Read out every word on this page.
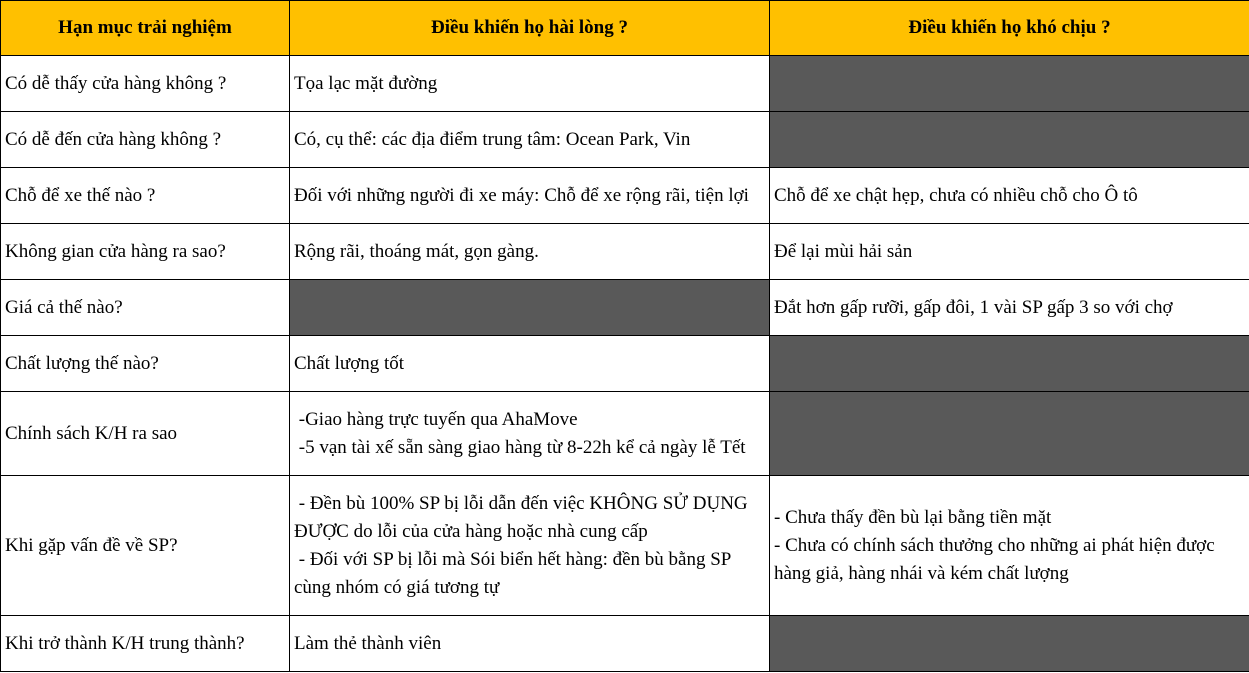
Hạn mục trải nghiệm	Điều khiến họ hài lòng ?	Điều khiến họ khó chịu ?
Có dễ thấy cửa hàng không ?	Tọa lạc mặt đường	

Có dễ đến cửa hàng không ?	Có, cụ thể: các địa điểm trung tâm: Ocean Park, Vin	

Chỗ để xe thế nào ?	Đối với những người đi xe máy: Chỗ để xe rộng rãi, tiện lợi	Chỗ để xe chật hẹp, chưa có nhiều chỗ cho Ô tô

Không gian cửa hàng ra sao?	Rộng rãi, thoáng mát, gọn gàng.	Để lại mùi hải sản

Giá cả thế nào?		Đắt hơn gấp rưỡi, gấp đôi, 1 vài SP gấp 3 so với chợ

Chất lượng thế nào?	Chất lượng tốt	

Chính sách K/H ra sao	-Giao hàng trực tuyến qua AhaMove
-5 vạn tài xế sẵn sàng giao hàng từ 8-22h kể cả ngày lễ Tết	

Khi gặp vấn đề về SP?	- Đền bù 100% SP bị lỗi dẫn đến việc KHÔNG SỬ DỤNG ĐƯỢC do lỗi của cửa hàng hoặc nhà cung cấp
- Đối với SP bị lỗi mà Sói biển hết hàng: đền bù bằng SP cùng nhóm có giá tương tự	- Chưa thấy đền bù lại bằng tiền mặt
- Chưa có chính sách thưởng cho những ai phát hiện được hàng giả, hàng nhái và kém chất lượng

Khi trở thành K/H trung thành?	Làm thẻ thành viên	
